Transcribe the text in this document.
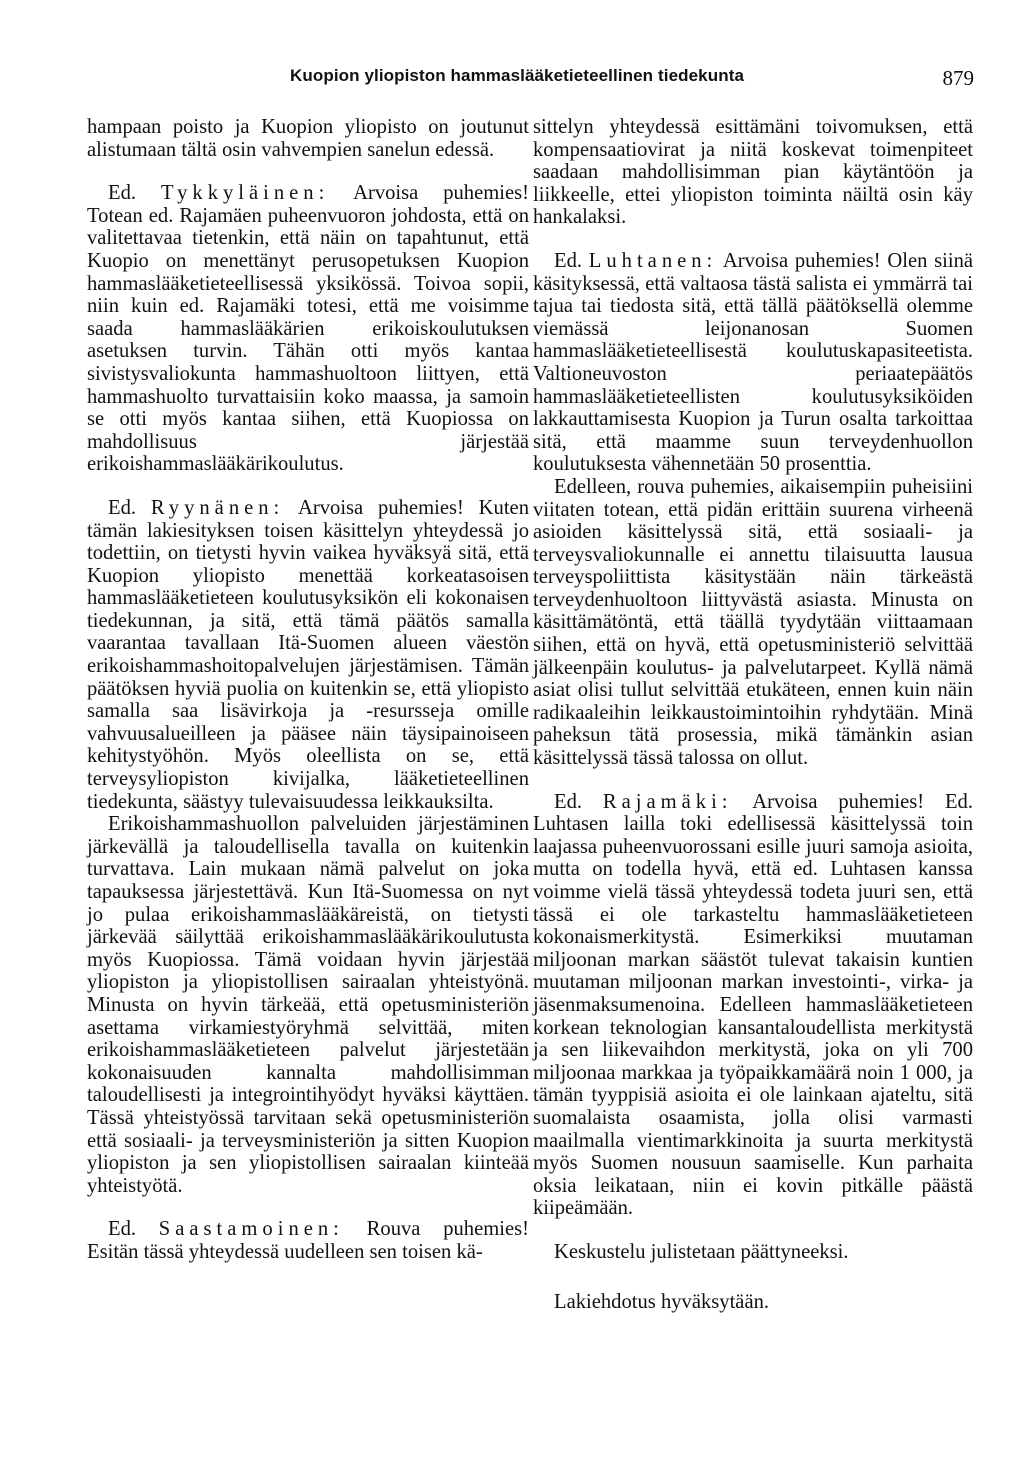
Kuopion yliopiston hammaslääketieteellinen tiedekunta	879

hampaan poisto ja Kuopion yliopisto on joutunut alistumaan tältä osin vahvempien sanelun edessä.

Ed. Tykkyläinen: Arvoisa puhemies! Totean ed. Rajamäen puheenvuoron johdosta, että on valitettavaa tietenkin, että näin on tapahtunut, että Kuopio on menettänyt perusopetuksen Kuopion hammaslääketieteellisessä yksikössä. Toivoa sopii, niin kuin ed. Rajamäki totesi, että me voisimme saada hammaslääkärien erikoiskoulutuksen asetuksen turvin. Tähän otti myös kantaa sivistysvaliokunta hammashuoltoon liittyen, että hammashuolto turvattaisiin koko maassa, ja samoin se otti myös kantaa siihen, että Kuopiossa on mahdollisuus järjestää erikoishammaslääkärikoulutus.

Ed. Ryynänen: Arvoisa puhemies! Kuten tämän lakiesityksen toisen käsittelyn yhteydessä jo todettiin, on tietysti hyvin vaikea hyväksyä sitä, että Kuopion yliopisto menettää korkeatasoisen hammaslääketieteen koulutusyksikön eli kokonaisen tiedekunnan, ja sitä, että tämä päätös samalla vaarantaa tavallaan Itä-Suomen alueen väestön erikoishammashoitopalvelujen järjestämisen. Tämän päätöksen hyviä puolia on kuitenkin se, että yliopisto samalla saa lisävirkoja ja -resursseja omille vahvuusalueilleen ja pääsee näin täysipainoiseen kehitystyöhön. Myös oleellista on se, että terveysyliopiston kivijalka, lääketieteellinen tiedekunta, säästyy tulevaisuudessa leikkauksilta.

Erikoishammashuollon palveluiden järjestäminen järkevällä ja taloudellisella tavalla on kuitenkin turvattava. Lain mukaan nämä palvelut on joka tapauksessa järjestettävä. Kun Itä-Suomessa on nyt jo pulaa erikoishammaslääkäreistä, on tietysti järkevää säilyttää erikoishammaslääkärikoulutusta myös Kuopiossa. Tämä voidaan hyvin järjestää yliopiston ja yliopistollisen sairaalan yhteistyönä. Minusta on hyvin tärkeää, että opetusministeriön asettama virkamiestyöryhmä selvittää, miten erikoishammaslääketieteen palvelut järjestetään kokonaisuuden kannalta mahdollisimman taloudellisesti ja integrointihyödyt hyväksi käyttäen. Tässä yhteistyössä tarvitaan sekä opetusministeriön että sosiaali- ja terveysministeriön ja sitten Kuopion yliopiston ja sen yliopistollisen sairaalan kiinteää yhteistyötä.

Ed. Saastamoinen: Rouva puhemies! Esitän tässä yhteydessä uudelleen sen toisen kä-

sittelyn yhteydessä esittämäni toivomuksen, että kompensaatiovirat ja niitä koskevat toimenpiteet saadaan mahdollisimman pian käytäntöön ja liikkeelle, ettei yliopiston toiminta näiltä osin käy hankalaksi.

Ed. Luhtanen: Arvoisa puhemies! Olen siinä käsityksessä, että valtaosa tästä salista ei ymmärrä tai tajua tai tiedosta sitä, että tällä päätöksellä olemme viemässä leijonanosan Suomen hammaslääketieteellisestä koulutuskapasiteetista. Valtioneuvoston periaatepäätös hammaslääketieteellisten koulutusyksiköiden lakkauttamisesta Kuopion ja Turun osalta tarkoittaa sitä, että maamme suun terveydenhuollon koulutuksesta vähennetään 50 prosenttia.

Edelleen, rouva puhemies, aikaisempiin puheisiini viitaten totean, että pidän erittäin suurena virheenä asioiden käsittelyssä sitä, että sosiaali- ja terveysvaliokunnalle ei annettu tilaisuutta lausua terveyspoliittista käsitystään näin tärkeästä terveydenhuoltoon liittyvästä asiasta. Minusta on käsittämätöntä, että täällä tyydytään viittaamaan siihen, että on hyvä, että opetusministeriö selvittää jälkeenpäin koulutus- ja palvelutarpeet. Kyllä nämä asiat olisi tullut selvittää etukäteen, ennen kuin näin radikaaleihin leikkaustoimintoihin ryhdytään. Minä paheksun tätä prosessia, mikä tämänkin asian käsittelyssä tässä talossa on ollut.

Ed. Rajamäki: Arvoisa puhemies! Ed. Luhtasen lailla toki edellisessä käsittelyssä toin laajassa puheenvuorossani esille juuri samoja asioita, mutta on todella hyvä, että ed. Luhtasen kanssa voimme vielä tässä yhteydessä todeta juuri sen, että tässä ei ole tarkasteltu hammaslääketieteen kokonaismerkitystä. Esimerkiksi muutaman miljoonan markan säästöt tulevat takaisin kuntien muutaman miljoonan markan investointi-, virka- ja jäsenmaksumenoina. Edelleen hammaslääketieteen korkean teknologian kansantaloudellista merkitystä ja sen liikevaihdon merkitystä, joka on yli 700 miljoonaa markkaa ja työpaikkamäärä noin 1 000, ja tämän tyyppisiä asioita ei ole lainkaan ajateltu, sitä suomalaista osaamista, jolla olisi varmasti maailmalla vientimarkkinoita ja suurta merkitystä myös Suomen nousuun saamiselle. Kun parhaita oksia leikataan, niin ei kovin pitkälle päästä kiipeämään.

Keskustelu julistetaan päättyneeksi.

Lakiehdotus hyväksytään.
